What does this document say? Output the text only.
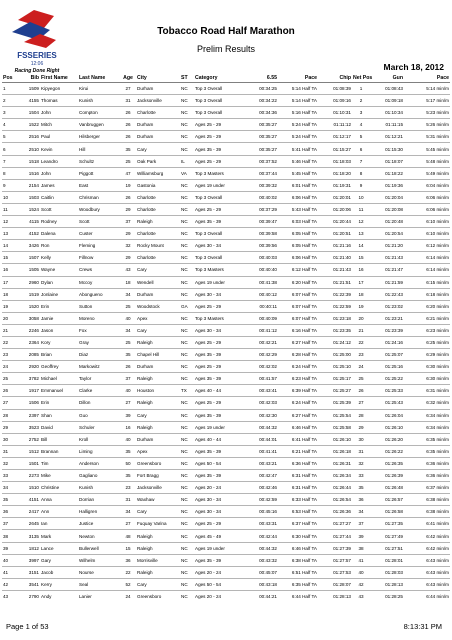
FSSERIES
12:06
Racing Done Right
Tobacco Road Half Marathon
Prelim Results
March 18, 2012
Pos	Bib	First Name	Last Name	Age	City	ST	Category	6.55	Pace	Chip	Net Pos	Gun	Pace
1	1509	Kipyegon	Kirui	27	Durham	NC	Top 3 Overall	00:34:25	5:14 Half TA	01:08:39	1	01:08:43	5:14 min/m
2	4155	Thomas	Kunish	31	Jacksonville	NC	Top 3 Overall	00:34:22	5:14 Half TA	01:09:16	2	01:09:18	5:17 min/m
3	1504	John	Compton	26	Charlotte	NC	Top 3 Overall	00:34:36	5:16 Half TA	01:10:31	3	01:10:34	5:23 min/m
4	1522	Mitch	Vanbruggen	26	Durham	NC	Ages 25 - 29	00:35:27	5:24 Half TA	01:11:12	4	01:11:15	5:26 min/m
5	2516	Paul	Hilsberger	26	Durham	NC	Ages 25 - 29	00:35:27	5:24 Half TA	01:12:17	5	01:12:21	5:31 min/m
6	2510	Kevin	Hill	35	Cary	NC	Ages 35 - 39	00:35:27	5:41 Half TA	01:15:27	6	01:15:30	5:45 min/m
7	1518	Leandro	Schultz	25	Oak Park	IL	Ages 25 - 29	00:37:52	5:46 Half TA	01:18:03	7	01:18:07	5:48 min/m
8	1516	John	Piggott	47	Williamsburg	VA	Top 3 Masters	00:37:44	5:45 Half TA	01:18:20	8	01:18:22	5:49 min/m
9	2154	James	East	19	Gastonia	NC	Ages 19 under	00:39:32	6:01 Half TA	01:19:31	9	01:19:36	6:04 min/m
10	1503	Caitlin	Chrisman	26	Charlotte	NC	Top 3 Overall	00:40:02	6:06 Half TA	01:20:01	10	01:20:04	6:06 min/m
11	1524	Scott	Woodbury	29	Charlotte	NC	Ages 25 - 29	00:37:29	5:43 Half TA	01:20:06	11	01:20:08	6:06 min/m
12	4115	Rodney	Scott	37	Raleigh	NC	Ages 35 - 39	00:39:47	6:03 Half TA	01:20:44	12	01:20:48	6:10 min/m
13	4152	Dalena	Custer	29	Charlotte	NC	Top 3 Overall	00:39:58	6:05 Half TA	01:20:51	13	01:20:54	6:10 min/m
14	3426	Ron	Fleming	32	Rocky Mount	NC	Ages 30 - 34	00:39:56	6:05 Half TA	01:21:16	14	01:21:20	6:12 min/m
15	1507	Kelly	Fillnow	29	Charlotte	NC	Top 3 Overall	00:40:03	6:06 Half TA	01:21:40	15	01:21:43	6:14 min/m
16	1505	Wayne	Crews	43	Cary	NC	Top 3 Masters	00:40:40	6:12 Half TA	01:21:43	16	01:21:47	6:14 min/m
17	2960	Dylan	Mccoy	18	Wendell	NC	Ages 19 under	00:41:38	6:20 Half TA	01:21:51	17	01:21:59	6:15 min/m
18	1519	Jonlaine	Abongueno	34	Durham	NC	Ages 30 - 34	00:40:12	6:07 Half TA	01:22:39	18	01:22:43	6:18 min/m
19	1520	Erin	Sutton	25	Woodstock	GA	Ages 25 - 29	00:40:11	6:07 Half TA	01:22:59	19	01:23:02	6:20 min/m
20	3058	Jamie	Moreno	40	Apex	NC	Top 3 Masters	00:40:09	6:07 Half TA	01:23:18	20	01:23:21	6:21 min/m
21	2246	Jason	Fox	34	Cary	NC	Ages 30 - 34	00:41:12	6:16 Half TA	01:23:35	21	01:23:39	6:23 min/m
22	2364	Kory	Gray	25	Raleigh	NC	Ages 25 - 29	00:42:21	6:27 Half TA	01:24:12	22	01:24:16	6:25 min/m
23	2085	Brian	Diaz	35	Chapel Hill	NC	Ages 35 - 39	00:42:29	6:28 Half TA	01:25:00	23	01:25:07	6:29 min/m
24	2920	Geoffrey	Markowitz	26	Durham	NC	Ages 25 - 29	00:42:02	6:24 Half TA	01:25:10	24	01:25:16	6:30 min/m
25	3782	Michael	Taylor	37	Raleigh	NC	Ages 35 - 39	00:41:57	6:23 Half TA	01:25:17	25	01:25:22	6:30 min/m
26	1917	Emmanuel	Clarke	40	Houston	TX	Ages 40 - 44	00:43:41	6:39 Half TA	01:25:27	26	01:25:33	6:31 min/m
27	1506	Erin	Dillon	27	Raleigh	NC	Ages 25 - 29	00:42:03	6:24 Half TA	01:25:39	27	01:25:43	6:32 min/m
28	2397	Shan	Guo	39	Cary	NC	Ages 35 - 39	00:42:30	6:27 Half TA	01:25:54	28	01:26:04	6:34 min/m
29	3523	David	Schuler	16	Raleigh	NC	Ages 19 under	00:44:32	6:46 Half TA	01:25:58	29	01:26:10	6:34 min/m
30	2752	Bill	Kroll	40	Durham	NC	Ages 40 - 44	00:44:01	6:41 Half TA	01:26:10	30	01:26:20	6:35 min/m
31	1512	Brannan	Liming	35	Apex	NC	Ages 35 - 39	00:41:41	6:21 Half TA	01:26:18	31	01:26:22	6:35 min/m
32	1501	Tim	Anderson	50	Greensboro	NC	Ages 50 - 54	00:43:21	6:36 Half TA	01:26:31	32	01:26:35	6:36 min/m
33	2273	Mike	Gagliano	35	Fort Bragg	NC	Ages 35 - 39	00:42:47	6:31 Half TA	01:26:34	33	01:26:39	6:36 min/m
34	1510	Christine	Kunish	23	Jacksonville	NC	Ages 20 - 24	00:42:46	6:31 Half TA	01:26:44	35	01:26:48	6:37 min/m
35	4151	Anna	Dorrian	31	Waxhaw	NC	Ages 30 - 34	00:42:59	6:33 Half TA	01:26:54	36	01:26:57	6:38 min/m
36	2417	Ann	Halligren	34	Cary	NC	Ages 30 - 34	00:45:16	6:53 Half TA	01:26:36	34	01:26:58	6:38 min/m
37	2645	Ian	Justice	27	Fuquay Varina	NC	Ages 25 - 29	00:43:31	6:37 Half TA	01:27:27	37	01:27:35	6:41 min/m
38	3135	Mark	Newton	48	Raleigh	NC	Ages 45 - 49	00:42:44	6:30 Half TA	01:27:44	39	01:27:49	6:42 min/m
39	1812	Lance	Bullerwell	15	Raleigh	NC	Ages 19 under	00:44:32	6:46 Half TA	01:27:39	38	01:27:51	6:42 min/m
40	3997	Gary	Wilhelm	36	Morrisville	NC	Ages 35 - 39	00:43:32	6:38 Half TA	01:27:57	41	01:28:01	6:43 min/m
41	3151	Jacob	Nourse	22	Raleigh	NC	Ages 20 - 24	00:45:07	6:51 Half TA	01:27:53	40	01:28:03	6:43 min/m
42	3541	Kerry	Seal	52	Cary	NC	Ages 50 - 54	00:43:18	6:35 Half TA	01:28:07	42	01:28:13	6:43 min/m
43	2790	Andy	Lanier	24	Greensboro	NC	Ages 20 - 24	00:44:21	6:44 Half TA	01:28:13	43	01:28:25	6:44 min/m
Page 1 of 53	8:13:31 PM
